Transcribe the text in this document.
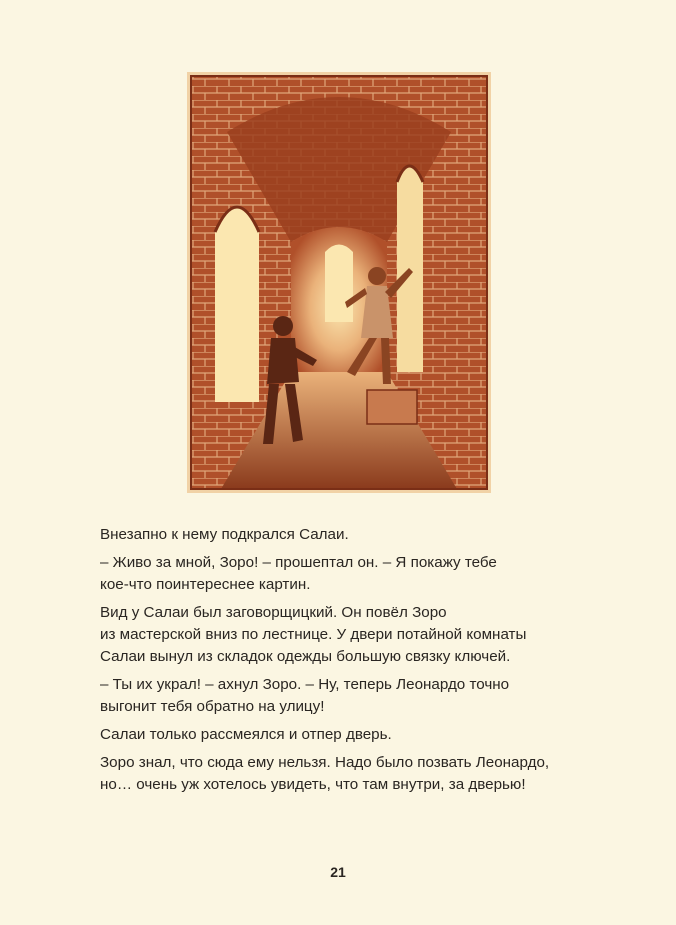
Внезапно к нему подкрался Салаи.

– Живо за мной, Зоро! – прошептал он. – Я покажу тебе
кое-что поинтереснее картин.

Вид у Салаи был заговорщицкий. Он повёл Зоро
из мастерской вниз по лестнице. У двери потайной комнаты
Салаи вынул из складок одежды большую связку ключей.

– Ты их украл! – ахнул Зоро. – Ну, теперь Леонардо точно
выгонит тебя обратно на улицу!

Салаи только рассмеялся и отпер дверь.

Зоро знал, что сюда ему нельзя. Надо было позвать Леонардо,
но… очень уж хотелось увидеть, что там внутри, за дверью!

21
